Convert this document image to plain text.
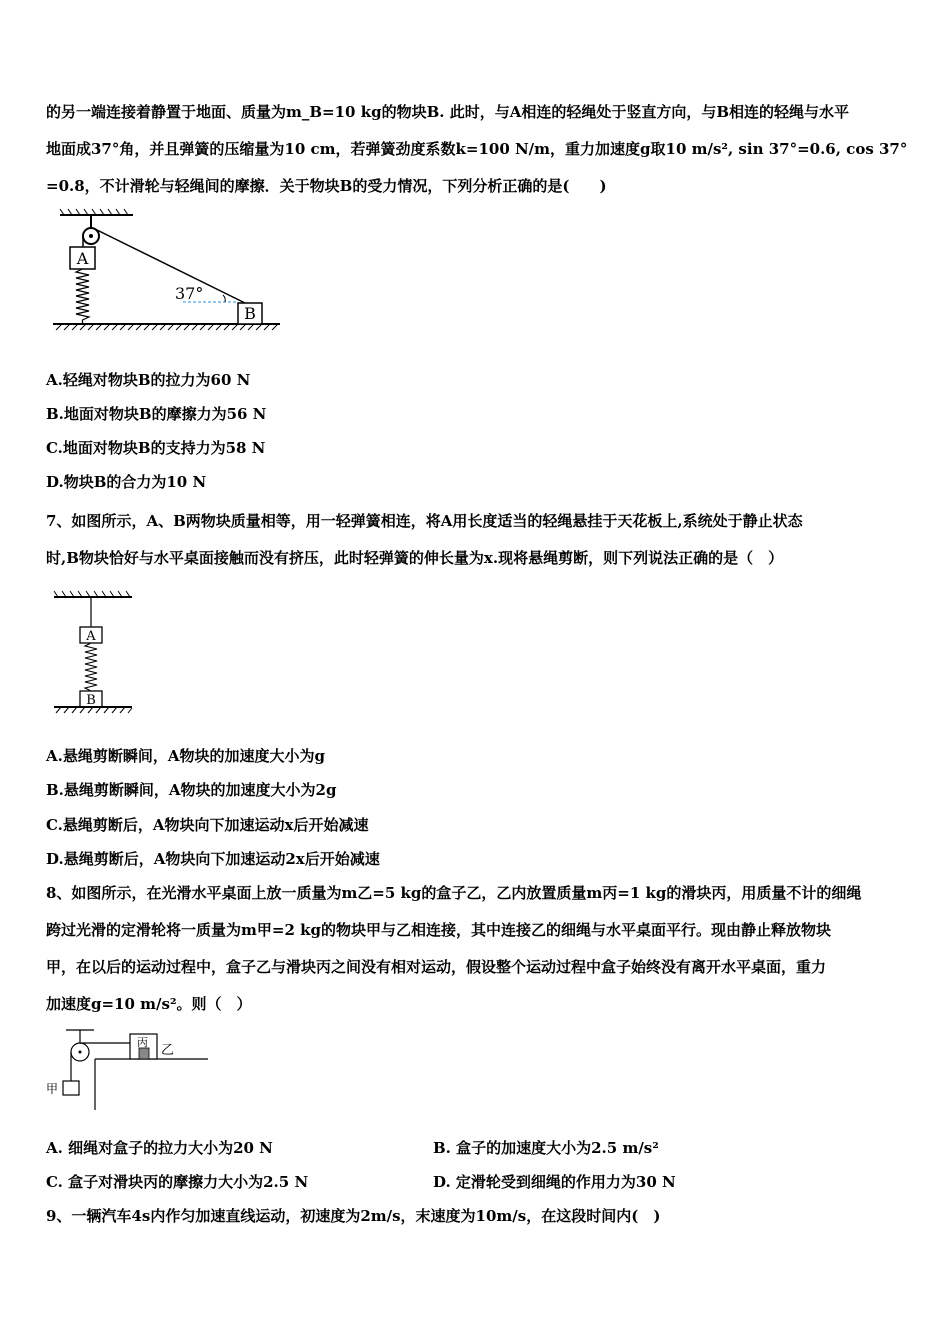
的另一端连接着静置于地面、质量为m_B=10 kg的物块B. 此时，与A相连的轻绳处于竖直方向，与B相连的轻绳与水平
地面成37°角，并且弹簧的压缩量为10 cm，若弹簧劲度系数k=100 N/m，重力加速度g取10 m/s², sin 37°=0.6, cos 37°
=0.8，不计滑轮与轻绳间的摩擦．关于物块B的受力情况，下列分析正确的是(　　)
A
B
37°
A.轻绳对物块B的拉力为60 N
B.地面对物块B的摩擦力为56 N
C.地面对物块B的支持力为58 N
D.物块B的合力为10 N
7、如图所示，A、B两物块质量相等，用一轻弹簧相连，将A用长度适当的轻绳悬挂于天花板上,系统处于静止状态
时,B物块恰好与水平桌面接触而没有挤压，此时轻弹簧的伸长量为x.现将悬绳剪断，则下列说法正确的是（　）
A
B
A.悬绳剪断瞬间，A物块的加速度大小为g
B.悬绳剪断瞬间，A物块的加速度大小为2g
C.悬绳剪断后，A物块向下加速运动x后开始减速
D.悬绳剪断后，A物块向下加速运动2x后开始减速
8、如图所示，在光滑水平桌面上放一质量为m乙=5 kg的盒子乙，乙内放置质量m丙=1 kg的滑块丙，用质量不计的细绳
跨过光滑的定滑轮将一质量为m甲=2 kg的物块甲与乙相连接，其中连接乙的细绳与水平桌面平行。现由静止释放物块
甲，在以后的运动过程中，盒子乙与滑块丙之间没有相对运动，假设整个运动过程中盒子始终没有离开水平桌面，重力
加速度g=10 m/s²。则（　）
甲
丙
乙
A. 细绳对盒子的拉力大小为20 N	B. 盒子的加速度大小为2.5 m/s²
C. 盒子对滑块丙的摩擦力大小为2.5 N	D. 定滑轮受到细绳的作用力为30 N
9、一辆汽车4s内作匀加速直线运动，初速度为2m/s，末速度为10m/s，在这段时间内(　)
